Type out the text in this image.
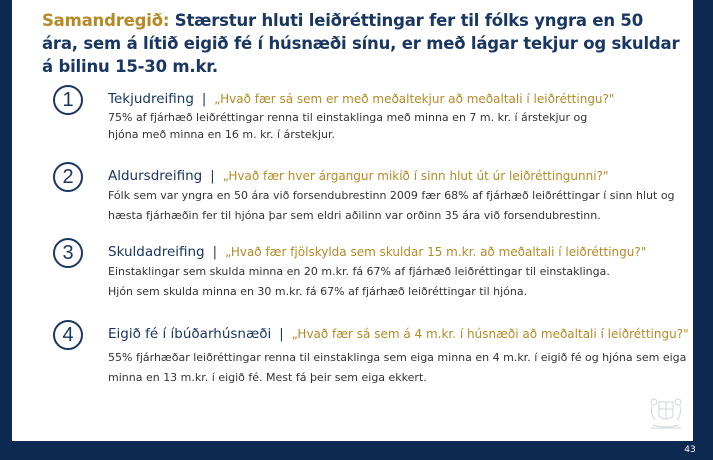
Samandregið: Stærstur hluti leiðréttingar fer til fólks yngra en 50 ára, sem á lítið eigið fé í húsnæði sínu, er með lágar tekjur og skuldar á bilinu 15-30 m.kr.
1	Tekjudreifing | „Hvað fær sá sem er með meðaltekjur að meðaltali í leiðréttingu?"

75% af fjárhæð leiðréttingar renna til einstaklinga með minna en 7 m. kr. í árstekjur og hjóna með minna en 16 m. kr. í árstekjur.

2	Aldursdreifing | „Hvað fær hver árgangur mikið í sinn hlut út úr leiðréttingunni?"

Fólk sem var yngra en 50 ára við forsendubrestinn 2009 fær 68% af fjárhæð leiðréttingar í sinn hlut og hæsta fjárhæðin fer til hjóna þar sem eldri aðilinn var orðinn 35 ára við forsendubrestinn.

3	Skuldadreifing | „Hvað fær fjölskylda sem skuldar 15 m.kr. að meðaltali í leiðréttingu?"

Einstaklingar sem skulda minna en 20 m.kr. fá 67% af fjárhæð leiðréttingar til einstaklinga.

Hjón sem skulda minna en 30 m.kr. fá 67% af fjárhæð leiðréttingar til hjóna.

4	Eigið fé í íbúðarhúsnæði | „Hvað fær sá sem á 4 m.kr. í húsnæði að meðaltali í leiðréttingu?"

55% fjárhæðar leiðréttingar renna til einstaklinga sem eiga minna en 4 m.kr. í eigið fé og hjóna sem eiga minna en 13 m.kr. í eigið fé. Mest fá þeir sem eiga ekkert.

43
